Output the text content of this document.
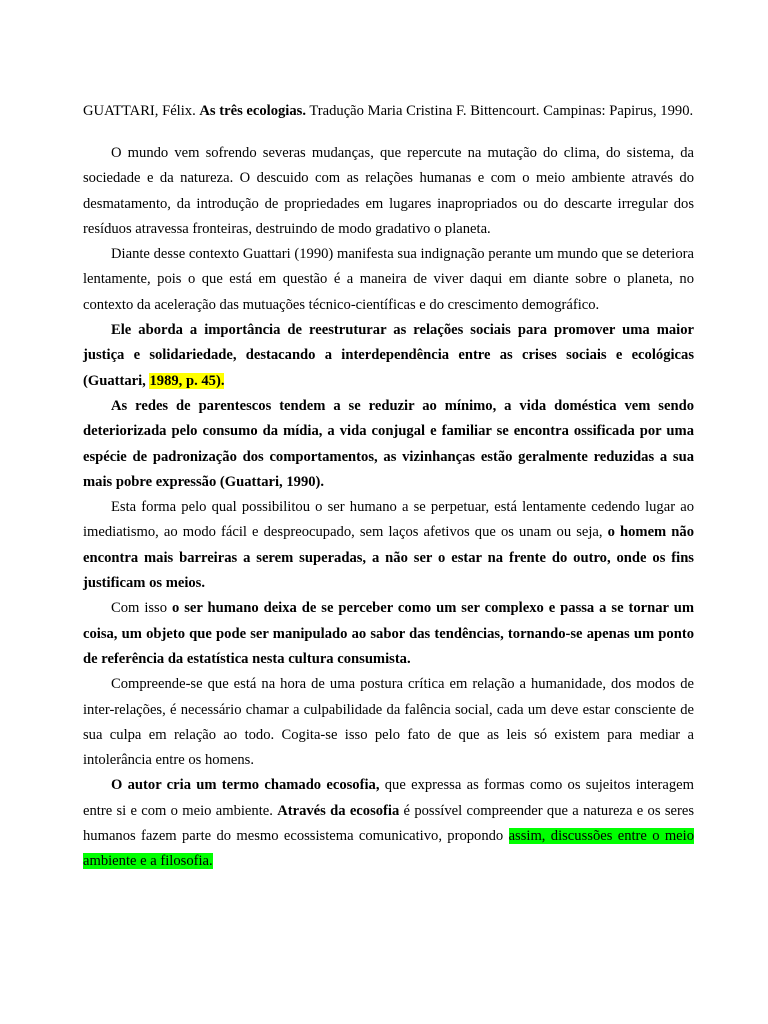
GUATTARI, Félix. As três ecologias. Tradução Maria Cristina F. Bittencourt. Campinas: Papirus, 1990.

O mundo vem sofrendo severas mudanças, que repercute na mutação do clima, do sistema, da sociedade e da natureza. O descuido com as relações humanas e com o meio ambiente através do desmatamento, da introdução de propriedades em lugares inapropriados ou do descarte irregular dos resíduos atravessa fronteiras, destruindo de modo gradativo o planeta.

Diante desse contexto Guattari (1990) manifesta sua indignação perante um mundo que se deteriora lentamente, pois o que está em questão é a maneira de viver daqui em diante sobre o planeta, no contexto da aceleração das mutuações técnico-científicas e do crescimento demográfico.

Ele aborda a importância de reestruturar as relações sociais para promover uma maior justiça e solidariedade, destacando a interdependência entre as crises sociais e ecológicas (Guattari, 1989, p. 45).

As redes de parentescos tendem a se reduzir ao mínimo, a vida doméstica vem sendo deteriorizada pelo consumo da mídia, a vida conjugal e familiar se encontra ossificada por uma espécie de padronização dos comportamentos, as vizinhanças estão geralmente reduzidas a sua mais pobre expressão (Guattari, 1990).

Esta forma pelo qual possibilitou o ser humano a se perpetuar, está lentamente cedendo lugar ao imediatismo, ao modo fácil e despreocupado, sem laços afetivos que os unam ou seja, o homem não encontra mais barreiras a serem superadas, a não ser o estar na frente do outro, onde os fins justificam os meios.

Com isso o ser humano deixa de se perceber como um ser complexo e passa a se tornar um coisa, um objeto que pode ser manipulado ao sabor das tendências, tornando-se apenas um ponto de referência da estatística nesta cultura consumista.

Compreende-se que está na hora de uma postura crítica em relação a humanidade, dos modos de inter-relações, é necessário chamar a culpabilidade da falência social, cada um deve estar consciente de sua culpa em relação ao todo. Cogita-se isso pelo fato de que as leis só existem para mediar a intolerância entre os homens.

O autor cria um termo chamado ecosofia, que expressa as formas como os sujeitos interagem entre si e com o meio ambiente. Através da ecosofia é possível compreender que a natureza e os seres humanos fazem parte do mesmo ecossistema comunicativo, propondo assim, discussões entre o meio ambiente e a filosofia.
